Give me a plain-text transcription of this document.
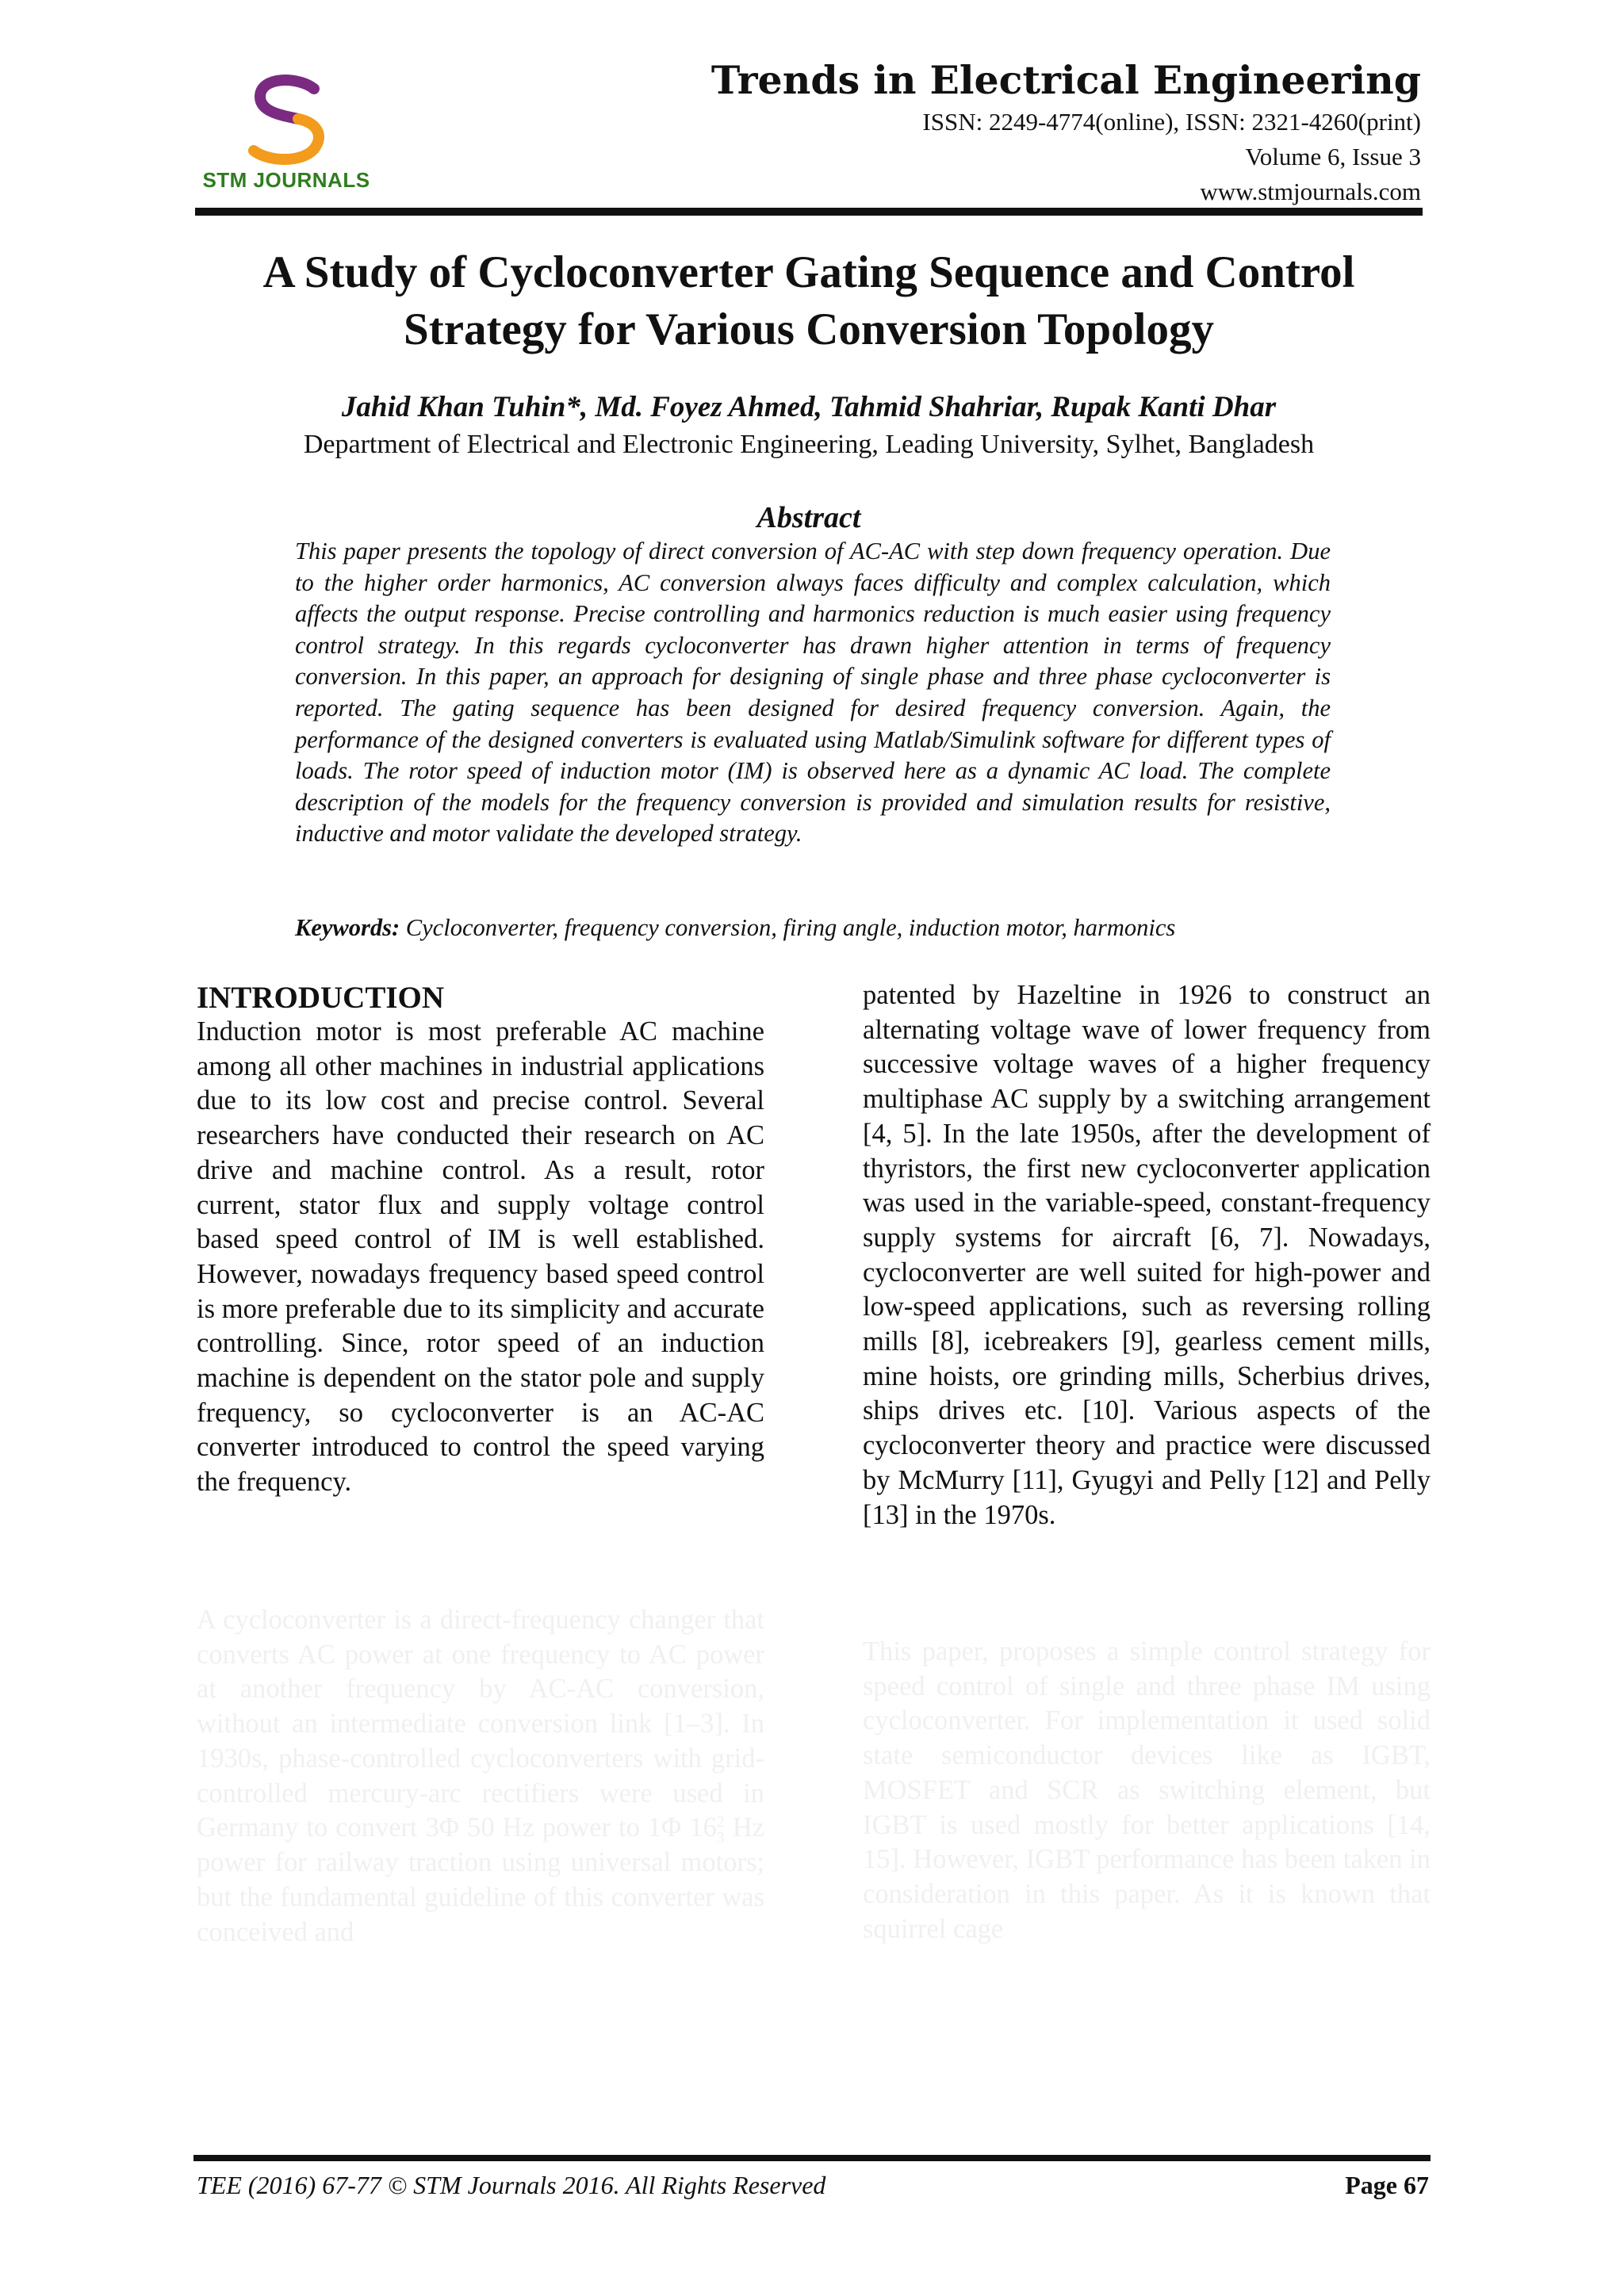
STM JOURNALS
Trends in Electrical Engineering
ISSN: 2249-4774(online), ISSN: 2321-4260(print)
Volume 6, Issue 3
www.stmjournals.com
A Study of Cycloconverter Gating Sequence and Control Strategy for Various Conversion Topology
Jahid Khan Tuhin*, Md. Foyez Ahmed, Tahmid Shahriar, Rupak Kanti Dhar
Department of Electrical and Electronic Engineering, Leading University, Sylhet, Bangladesh
Abstract
This paper presents the topology of direct conversion of AC-AC with step down frequency operation. Due to the higher order harmonics, AC conversion always faces difficulty and complex calculation, which affects the output response. Precise controlling and harmonics reduction is much easier using frequency control strategy. In this regards cycloconverter has drawn higher attention in terms of frequency conversion. In this paper, an approach for designing of single phase and three phase cycloconverter is reported. The gating sequence has been designed for desired frequency conversion. Again, the performance of the designed converters is evaluated using Matlab/Simulink software for different types of loads. The rotor speed of induction motor (IM) is observed here as a dynamic AC load. The complete description of the models for the frequency conversion is provided and simulation results for resistive, inductive and motor validate the developed strategy.
Keywords: Cycloconverter, frequency conversion, firing angle, induction motor, harmonics
INTRODUCTION

Induction motor is most preferable AC machine among all other machines in industrial applications due to its low cost and precise control. Several researchers have conducted their research on AC drive and machine control. As a result, rotor current, stator flux and supply voltage control based speed control of IM is well established. However, nowadays frequency based speed control is more preferable due to its simplicity and accurate controlling. Since, rotor speed of an induction machine is dependent on the stator pole and supply frequency, so cycloconverter is an AC-AC converter introduced to control the speed varying the frequency.

patented by Hazeltine in 1926 to construct an alternating voltage wave of lower frequency from successive voltage waves of a higher frequency multiphase AC supply by a switching arrangement [4, 5]. In the late 1950s, after the development of thyristors, the first new cycloconverter application was used in the variable-speed, constant-frequency supply systems for aircraft [6, 7]. Nowadays, cycloconverter are well suited for high-power and low-speed applications, such as reversing rolling mills [8], icebreakers [9], gearless cement mills, mine hoists, ore grinding mills, Scherbius drives, ships drives etc. [10]. Various aspects of the cycloconverter theory and practice were discussed by McMurry [11], Gyugyi and Pelly [12] and Pelly [13] in the 1970s.

A cycloconverter is a direct-frequency changer that converts AC power at one frequency to AC power at another frequency by AC-AC conversion, without an intermediate conversion link [1–3]. In 1930s, phase-controlled cycloconverters with grid-controlled mercury-arc rectifiers were used in Germany to convert 3Φ 50 Hz power to 1Φ 16 2
3 Hz power for railway traction using universal motors; but the fundamental guideline of this converter was conceived and

This paper, proposes a simple control strategy for speed control of single and three phase IM using cycloconverter. For implementation it used solid state semiconductor devices like as IGBT, MOSFET and SCR as switching element, but IGBT is used mostly for better applications [14, 15]. However, IGBT performance has been taken in consideration in this paper. As it is known that squirrel cage

TEE (2016) 67-77 © STM Journals 2016. All Rights Reserved	Page 67
